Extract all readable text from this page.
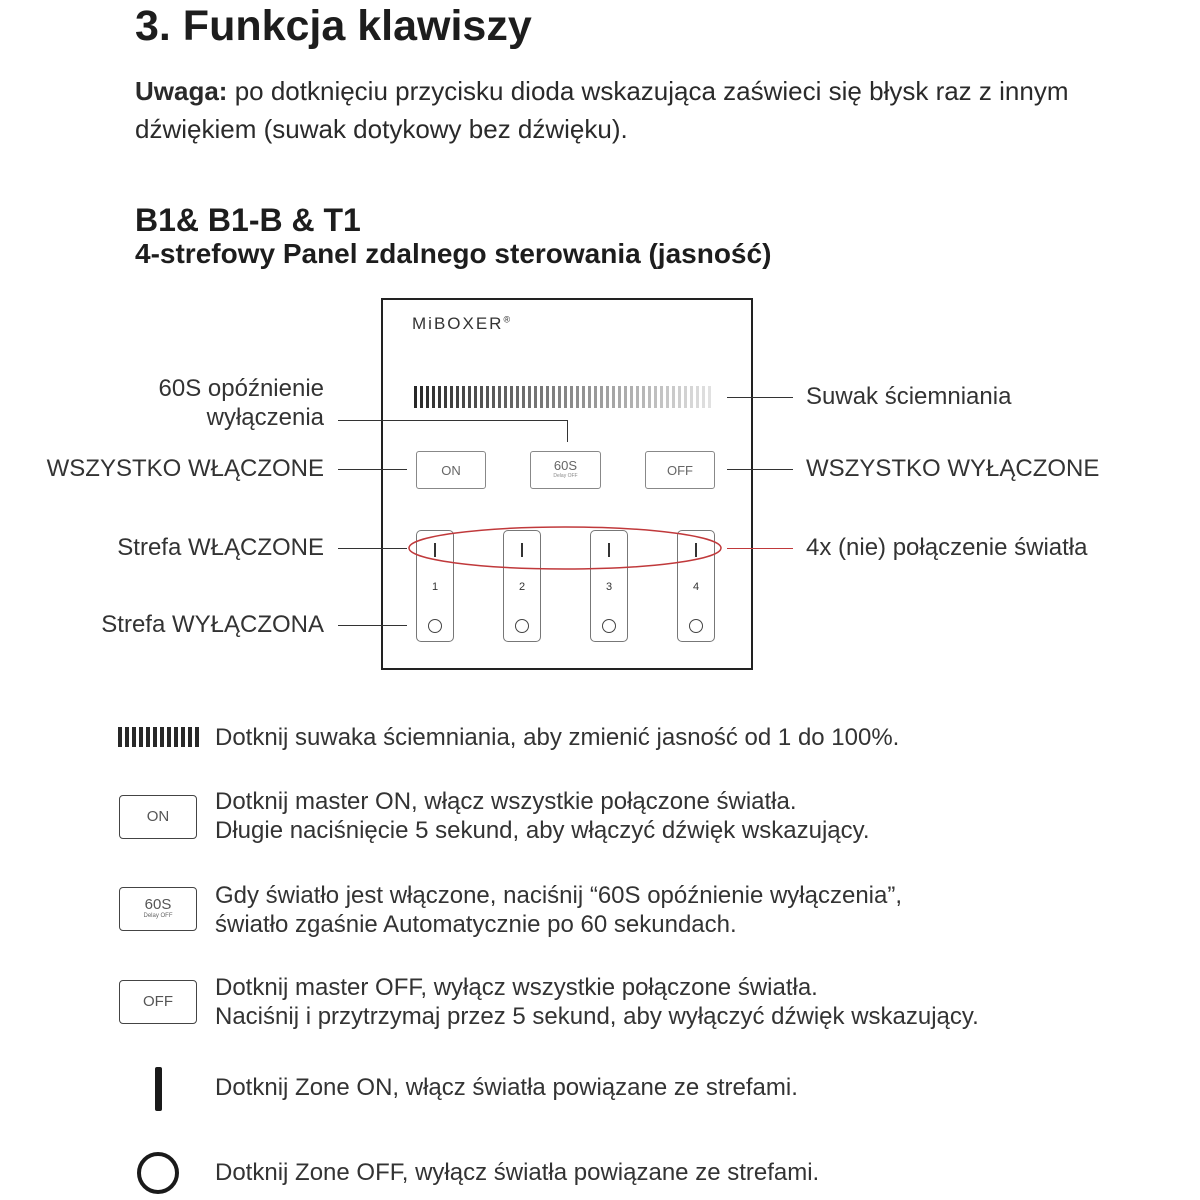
3. Funkcja klawiszy
Uwaga: po dotknięciu przycisku dioda wskazująca zaświeci się błysk raz z innym dźwiękiem (suwak dotykowy bez dźwięku).
B1& B1-B & T1
4-strefowy Panel zdalnego sterowania (jasność)
MiBOXER®
ON	60S
Delay OFF	OFF
1	2	3	4
60S opóźnienie
wyłączenia
WSZYSTKO WŁĄCZONE
Strefa WŁĄCZONE
Strefa WYŁĄCZONA
Suwak ściemniania
WSZYSTKO WYŁĄCZONE
4x (nie) połączenie światła
Dotknij suwaka ściemniania, aby zmienić jasność od 1 do 100%.
ON
Dotknij master ON, włącz wszystkie połączone światła.
Długie naciśnięcie 5 sekund, aby włączyć dźwięk wskazujący.
60S
Delay OFF
Gdy światło jest włączone, naciśnij “60S opóźnienie wyłączenia”,
światło zgaśnie Automatycznie po 60 sekundach.
OFF
Dotknij master OFF, wyłącz wszystkie połączone światła.
Naciśnij i przytrzymaj przez 5 sekund, aby wyłączyć dźwięk wskazujący.
Dotknij Zone ON, włącz światła powiązane ze strefami.
Dotknij Zone OFF, wyłącz światła powiązane ze strefami.
